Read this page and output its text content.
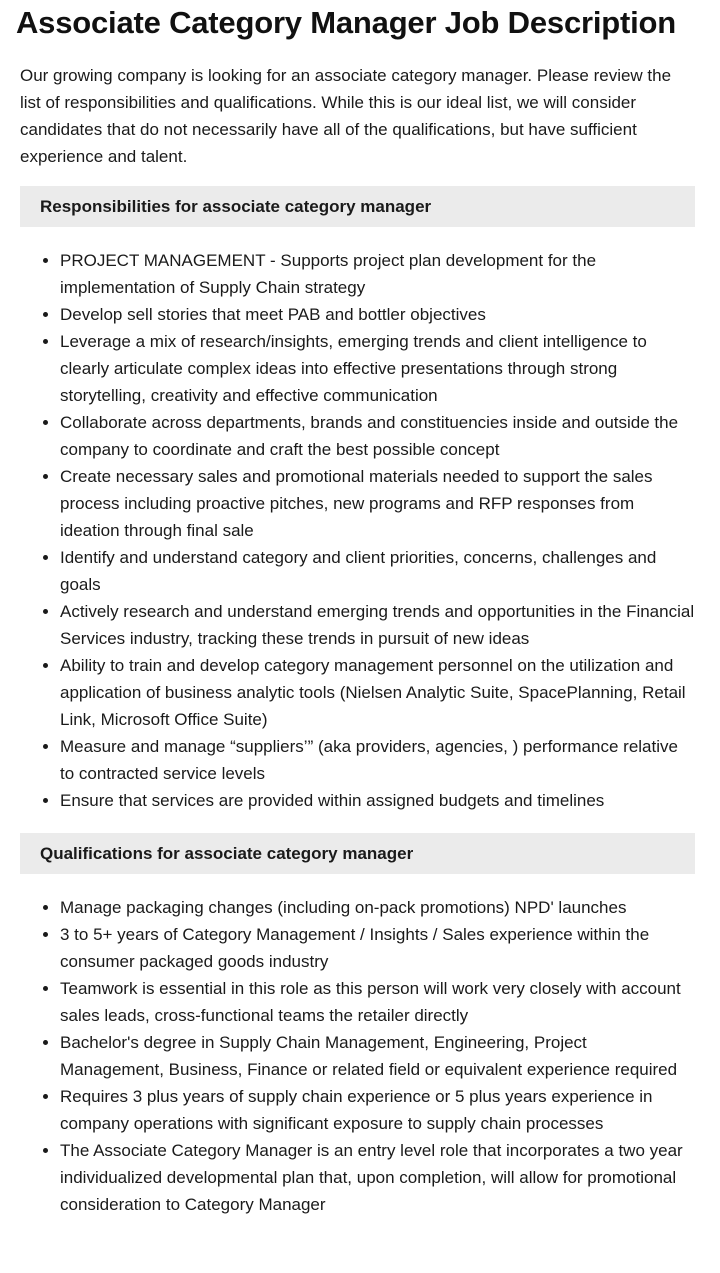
Associate Category Manager Job Description

Our growing company is looking for an associate category manager. Please review the list of responsibilities and qualifications. While this is our ideal list, we will consider candidates that do not necessarily have all of the qualifications, but have sufficient experience and talent.

Responsibilities for associate category manager
• PROJECT MANAGEMENT - Supports project plan development for the implementation of Supply Chain strategy
• Develop sell stories that meet PAB and bottler objectives
• Leverage a mix of research/insights, emerging trends and client intelligence to clearly articulate complex ideas into effective presentations through strong storytelling, creativity and effective communication
• Collaborate across departments, brands and constituencies inside and outside the company to coordinate and craft the best possible concept
• Create necessary sales and promotional materials needed to support the sales process including proactive pitches, new programs and RFP responses from ideation through final sale
• Identify and understand category and client priorities, concerns, challenges and goals
• Actively research and understand emerging trends and opportunities in the Financial Services industry, tracking these trends in pursuit of new ideas
• Ability to train and develop category management personnel on the utilization and application of business analytic tools (Nielsen Analytic Suite, SpacePlanning, Retail Link, Microsoft Office Suite)
• Measure and manage “suppliers’” (aka providers, agencies, ) performance relative to contracted service levels
• Ensure that services are provided within assigned budgets and timelines
Qualifications for associate category manager
• Manage packaging changes (including on-pack promotions) NPD' launches
• 3 to 5+ years of Category Management / Insights / Sales experience within the consumer packaged goods industry
• Teamwork is essential in this role as this person will work very closely with account sales leads, cross-functional teams the retailer directly
• Bachelor's degree in Supply Chain Management, Engineering, Project Management, Business, Finance or related field or equivalent experience required
• Requires 3 plus years of supply chain experience or 5 plus years experience in company operations with significant exposure to supply chain processes
• The Associate Category Manager is an entry level role that incorporates a two year individualized developmental plan that, upon completion, will allow for promotional consideration to Category Manager
